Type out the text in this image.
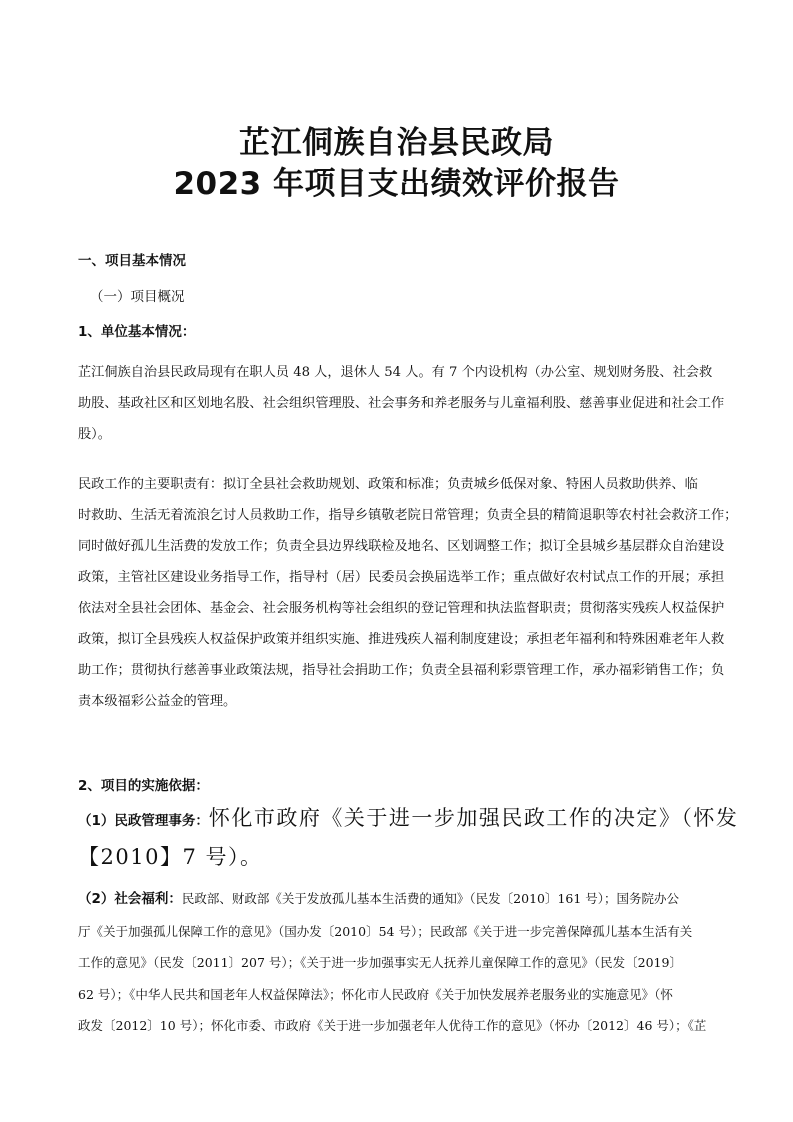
芷江侗族自治县民政局
2023 年项目支出绩效评价报告
一、项目基本情况
（一）项目概况
1、单位基本情况：
芷江侗族自治县民政局现有在职人员 48 人，退休人 54 人。有 7 个内设机构（办公室、规划财务股、社会救
助股、基政社区和区划地名股、社会组织管理股、社会事务和养老服务与儿童福利股、慈善事业促进和社会工作
股）。
民政工作的主要职责有：拟订全县社会救助规划、政策和标准；负责城乡低保对象、特困人员救助供养、临
时救助、生活无着流浪乞讨人员救助工作，指导乡镇敬老院日常管理；负责全县的精简退职等农村社会救济工作；
同时做好孤儿生活费的发放工作；负责全县边界线联检及地名、区划调整工作；拟订全县城乡基层群众自治建设
政策，主管社区建设业务指导工作，指导村（居）民委员会换届选举工作；重点做好农村试点工作的开展；承担
依法对全县社会团体、基金会、社会服务机构等社会组织的登记管理和执法监督职责；贯彻落实残疾人权益保护
政策，拟订全县残疾人权益保护政策并组织实施、推进残疾人福利制度建设；承担老年福利和特殊困难老年人救
助工作；贯彻执行慈善事业政策法规，指导社会捐助工作；负责全县福利彩票管理工作，承办福彩销售工作；负
责本级福彩公益金的管理。
2、项目的实施依据：
（1）民政管理事务：怀化市政府《关于进一步加强民政工作的决定》（怀发
【2010】7 号）。
（2）社会福利：民政部、财政部《关于发放孤儿基本生活费的通知》（民发〔2010〕161 号）；国务院办公
厅《关于加强孤儿保障工作的意见》（国办发〔2010〕54 号）；民政部《关于进一步完善保障孤儿基本生活有关
工作的意见》（民发〔2011〕207 号）；《关于进一步加强事实无人抚养儿童保障工作的意见》（民发〔2019〕
62 号）；《中华人民共和国老年人权益保障法》；怀化市人民政府《关于加快发展养老服务业的实施意见》（怀
政发〔2012〕10 号）；怀化市委、市政府《关于进一步加强老年人优待工作的意见》（怀办〔2012〕46 号）；《芷
